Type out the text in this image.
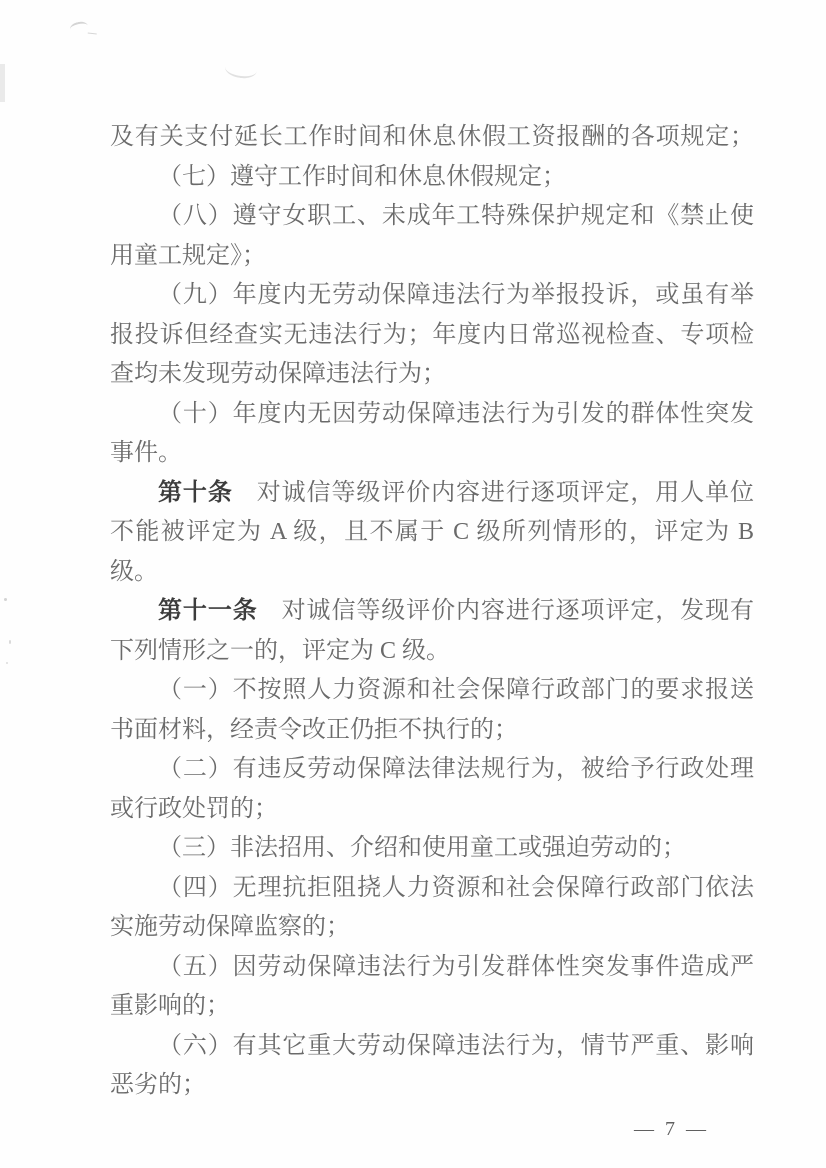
及有关支付延长工作时间和休息休假工资报酬的各项规定；

（七）遵守工作时间和休息休假规定；

（八）遵守女职工、未成年工特殊保护规定和《禁止使用童工规定》；

（九）年度内无劳动保障违法行为举报投诉，或虽有举报投诉但经查实无违法行为；年度内日常巡视检查、专项检查均未发现劳动保障违法行为；

（十）年度内无因劳动保障违法行为引发的群体性突发事件。

第十条 对诚信等级评价内容进行逐项评定，用人单位不能被评定为 A 级，且不属于 C 级所列情形的，评定为 B 级。

第十一条 对诚信等级评价内容进行逐项评定，发现有下列情形之一的，评定为 C 级。

（一）不按照人力资源和社会保障行政部门的要求报送书面材料，经责令改正仍拒不执行的；

（二）有违反劳动保障法律法规行为，被给予行政处理或行政处罚的；

（三）非法招用、介绍和使用童工或强迫劳动的；

（四）无理抗拒阻挠人力资源和社会保障行政部门依法实施劳动保障监察的；

（五）因劳动保障违法行为引发群体性突发事件造成严重影响的；

（六）有其它重大劳动保障违法行为，情节严重、影响恶劣的；

— 7 —
